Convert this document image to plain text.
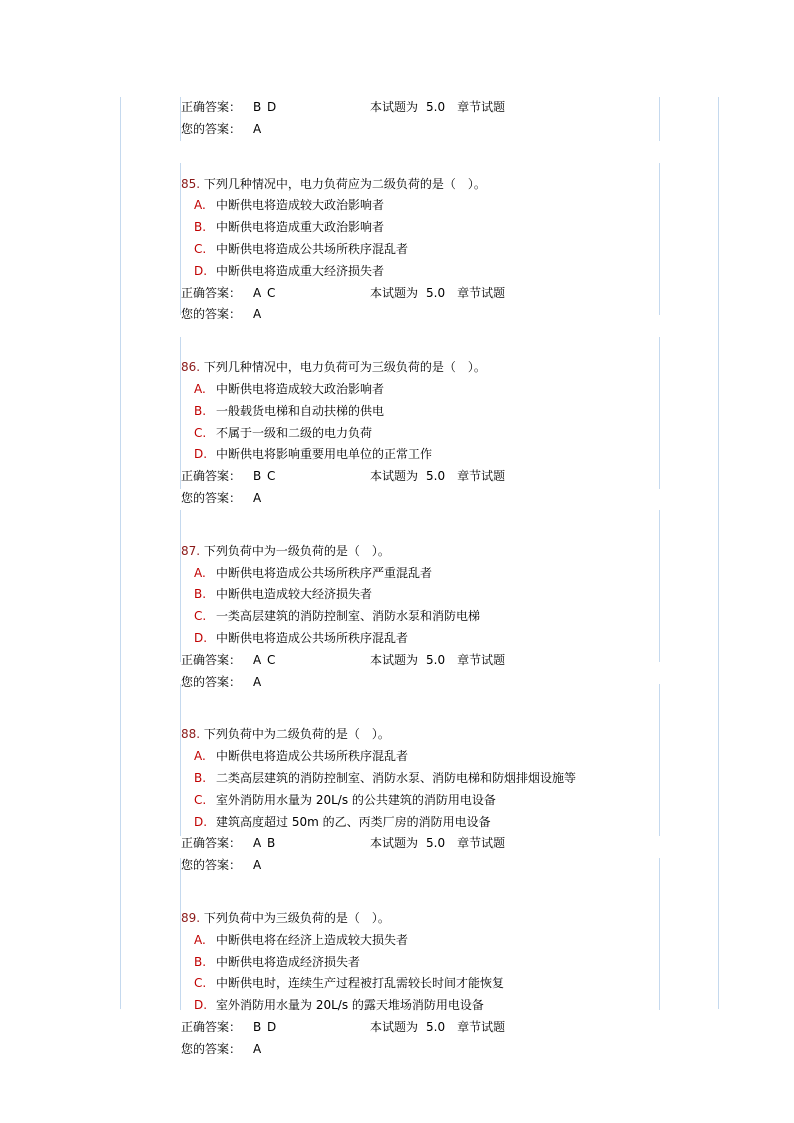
正确答案： B D	本试题为 5.0 章节试题
您的答案： A
85. 下列几种情况中，电力负荷应为二级负荷的是（　）。
A. 中断供电将造成较大政治影响者
B. 中断供电将造成重大政治影响者
C. 中断供电将造成公共场所秩序混乱者
D. 中断供电将造成重大经济损失者
正确答案： A C	本试题为 5.0 章节试题
您的答案： A
86. 下列几种情况中，电力负荷可为三级负荷的是（　）。
A. 中断供电将造成较大政治影响者
B. 一般载货电梯和自动扶梯的供电
C. 不属于一级和二级的电力负荷
D. 中断供电将影响重要用电单位的正常工作
正确答案： B C	本试题为 5.0 章节试题
您的答案： A
87. 下列负荷中为一级负荷的是（　）。
A. 中断供电将造成公共场所秩序严重混乱者
B. 中断供电造成较大经济损失者
C. 一类高层建筑的消防控制室、消防水泵和消防电梯
D. 中断供电将造成公共场所秩序混乱者
正确答案： A C	本试题为 5.0 章节试题
您的答案： A
88. 下列负荷中为二级负荷的是（　）。
A. 中断供电将造成公共场所秩序混乱者
B. 二类高层建筑的消防控制室、消防水泵、消防电梯和防烟排烟设施等
C. 室外消防用水量为 20L/s 的公共建筑的消防用电设备
D. 建筑高度超过 50m 的乙、丙类厂房的消防用电设备
正确答案： A B	本试题为 5.0 章节试题
您的答案： A
89. 下列负荷中为三级负荷的是（　）。
A. 中断供电将在经济上造成较大损失者
B. 中断供电将造成经济损失者
C. 中断供电时，连续生产过程被打乱需较长时间才能恢复
D. 室外消防用水量为 20L/s 的露天堆场消防用电设备
正确答案： B D	本试题为 5.0 章节试题
您的答案： A
